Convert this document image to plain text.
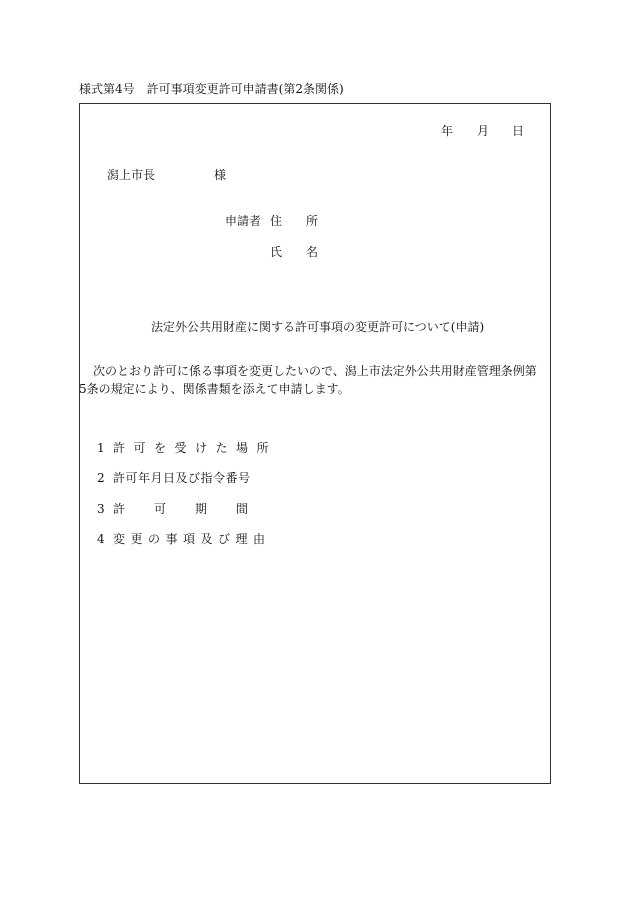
様式第4号　許可事項変更許可申請書(第2条関係)
年 月 日
潟上市長	様
申請者 住 所
氏 名
法定外公共用財産に関する許可事項の変更許可について(申請)
次のとおり許可に係る事項を変更したいので、潟上市法定外公共用財産管理条例第
5条の規定により、関係書類を添えて申請します。
1 許可を受けた場所
2 許可年月日及び指令番号
3 許可期間
4 変更の事項及び理由
